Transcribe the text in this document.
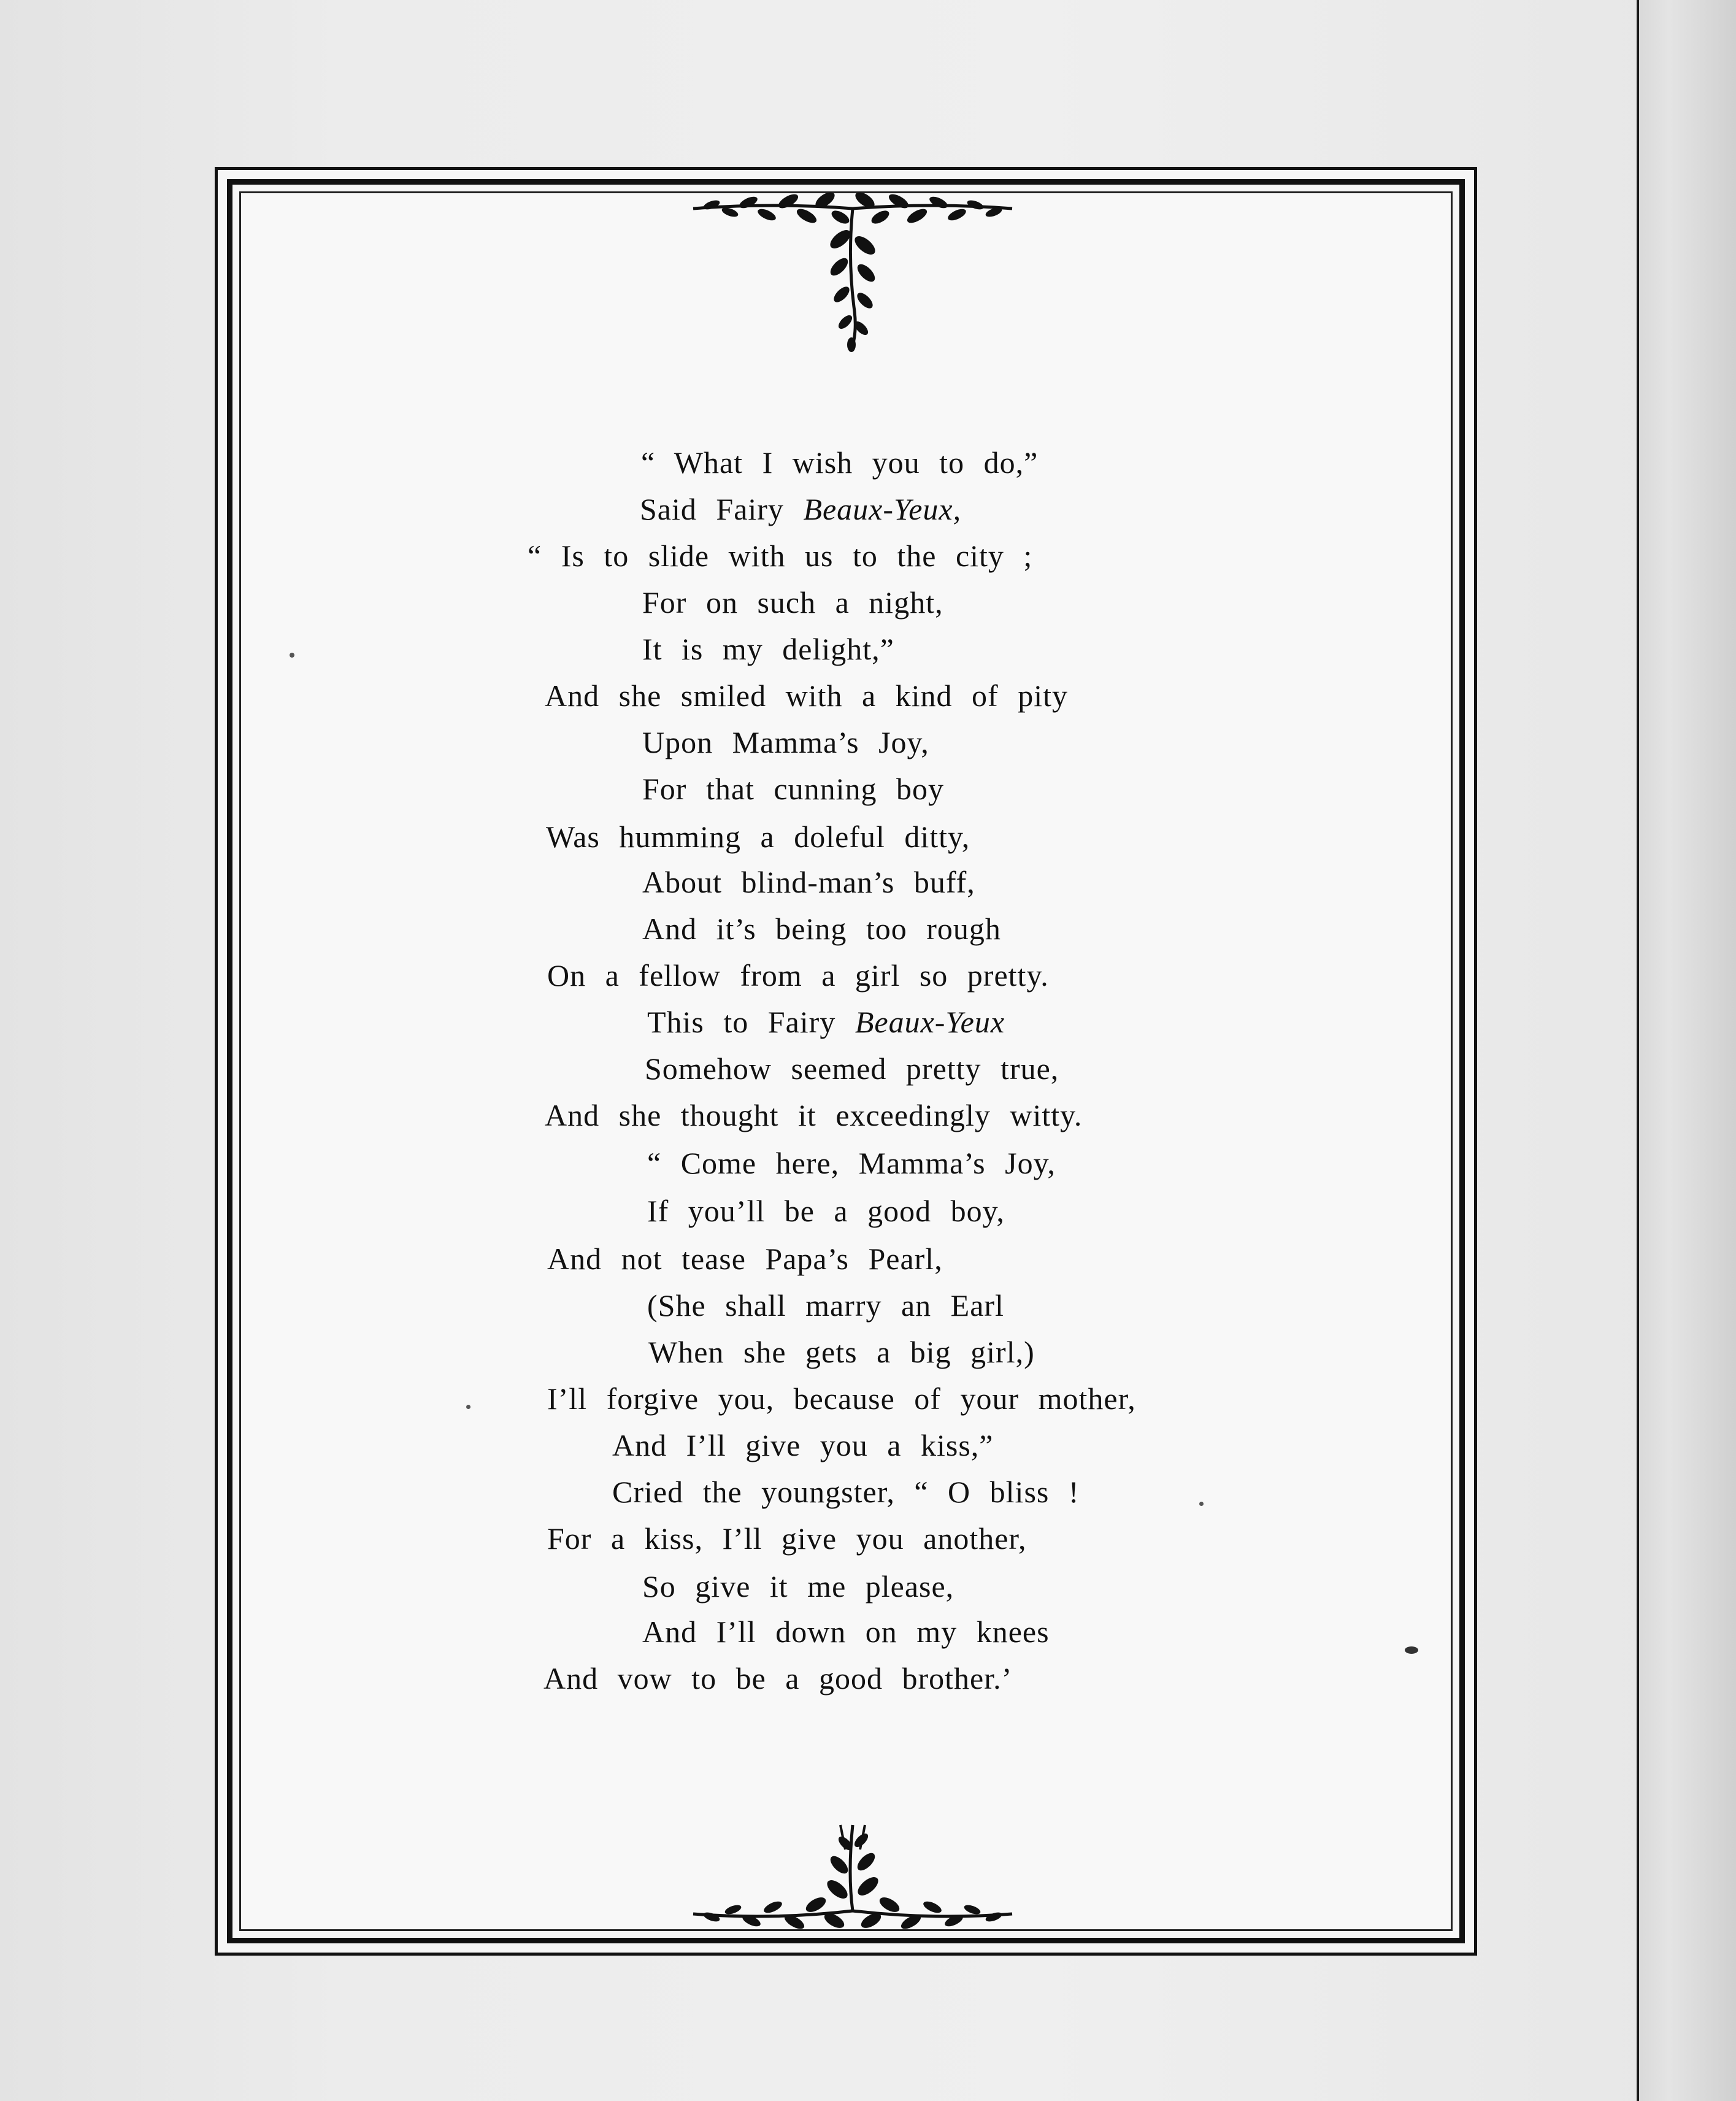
“ What I wish you to do,”
Said Fairy Beaux-Yeux,
“ Is to slide with us to the city ;
For on such a night,
It is my delight,”
And she smiled with a kind of pity
Upon Mamma’s Joy,
For that cunning boy
Was humming a doleful ditty,
About blind-man’s buff,
And it’s being too rough
On a fellow from a girl so pretty.
This to Fairy Beaux-Yeux
Somehow seemed pretty true,
And she thought it exceedingly witty.
“ Come here, Mamma’s Joy,
If you’ll be a good boy,
And not tease Papa’s Pearl,
(She shall marry an Earl
When she gets a big girl,)
I’ll forgive you, because of your mother,
And I’ll give you a kiss,”
Cried the youngster, “ O bliss !
For a kiss, I’ll give you another,
So give it me please,
And I’ll down on my knees
And vow to be a good brother.’
